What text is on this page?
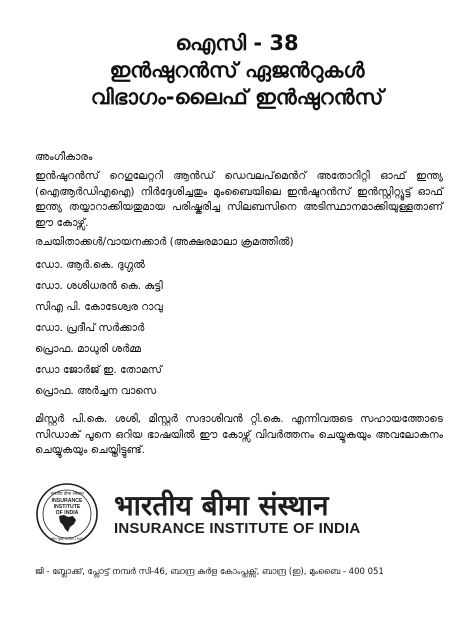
ഐസി - 38
ഇൻഷുറൻസ് ഏജൻറുകൾ
വിഭാഗം-ലൈഫ് ഇൻഷുറൻസ്
അംഗീകാരം
ഇൻഷുറൻസ് റെഗുലേറ്ററി ആൻഡ് ഡെവലപ്‌മെൻറ് അതോറിറ്റി ഓഫ് ഇന്ത്യ (ഐആർഡിഎഐ) നിർദ്ദേശിച്ചതും മുംബൈയിലെ ഇൻഷുറൻസ് ഇൻസ്റ്റിറ്റ്യൂട്ട് ഓഫ് ഇന്ത്യ തയ്യാറാക്കിയതുമായ പരിഷ്കരിച്ച സിലബസിനെ അടിസ്ഥാനമാക്കിയുള്ളതാണ് ഈ കോഴ്സ്.
രചയിതാക്കൾ/വായനക്കാർ (അക്ഷരമാലാ ക്രമത്തിൽ)
ഡോ. ആർ.കെ. ദുഗ്ഗൽ
ഡോ. ശശിധരൻ കെ. കുട്ടി
സിഎ പി. കോടേശ്വര റാവു
ഡോ. പ്രദീപ് സർക്കാർ
പ്രൊഫ. മാധുരി ശർമ്മ
ഡോ ജോർജ് ഇ. തോമസ്
പ്രൊഫ. അർച്ചന വാസെ
മിസ്റ്റർ പി.കെ. ശശി, മിസ്റ്റർ സദാശിവൻ റ്റി.കെ. എന്നിവരുടെ സഹായത്തോടെ സിഡാക് പൂനെ ഒറിയ ഭാഷയിൽ ഈ കോഴ്സ് വിവർത്തനം ചെയ്യുകയും അവലോകനം ചെയ്യുകയും ചെയ്തിട്ടുണ്ട്.
भारतीय बीमा संस्थान
INSURANCE
INSTITUTE
OF INDIA
कोटा मुंबई स्थापित 1955
भारतीय बीमा संस्थान
INSURANCE INSTITUTE OF INDIA
ജി - ബ്ലോക്ക്, പ്ലോട്ട് നമ്പർ സി-46, ബാന്ദ്ര കുർള കോംപ്ലക്സ്, ബാന്ദ്ര (ഇ), മുംബൈ - 400 051
